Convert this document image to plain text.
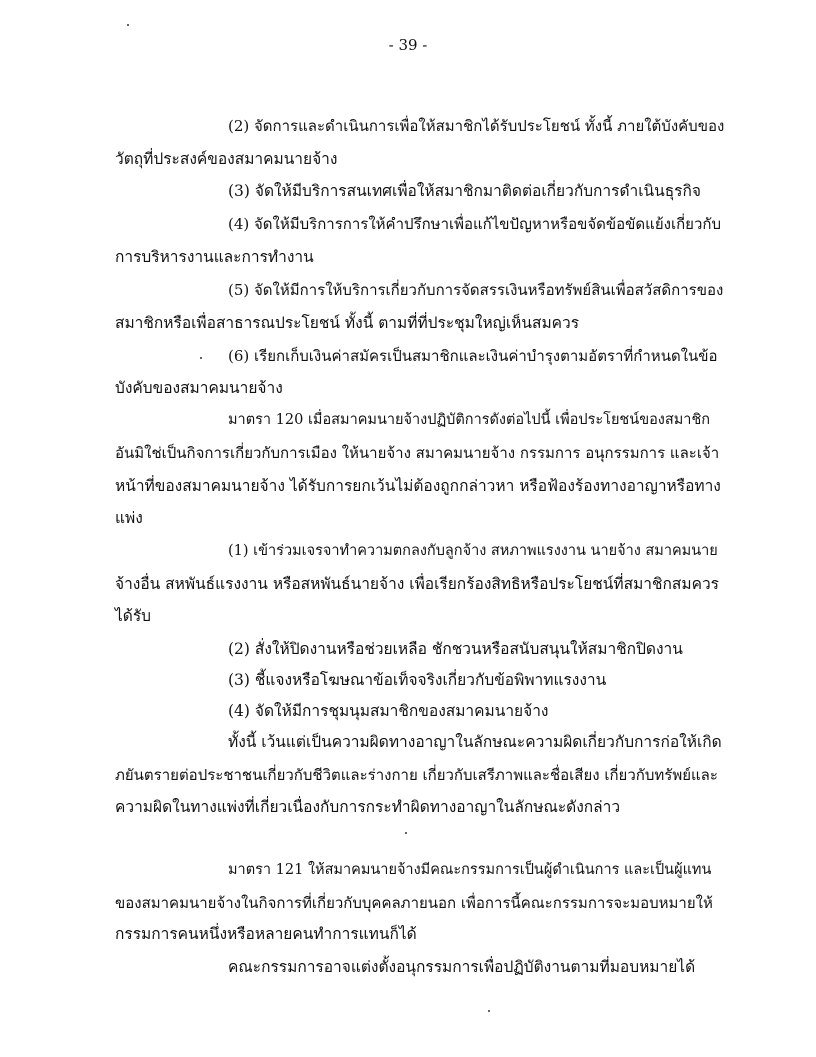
- 39 -
(2) จัดการและดำเนินการเพื่อให้สมาชิกได้รับประโยชน์ ทั้งนี้ ภายใต้บังคับของ
วัตถุที่ประสงค์ของสมาคมนายจ้าง
(3) จัดให้มีบริการสนเทศเพื่อให้สมาชิกมาติดต่อเกี่ยวกับการดำเนินธุรกิจ
(4) จัดให้มีบริการการให้คำปรึกษาเพื่อแก้ไขปัญหาหรือขจัดข้อขัดแย้งเกี่ยวกับ
การบริหารงานและการทำงาน
(5) จัดให้มีการให้บริการเกี่ยวกับการจัดสรรเงินหรือทรัพย์สินเพื่อสวัสดิการของ
สมาชิกหรือเพื่อสาธารณประโยชน์ ทั้งนี้ ตามที่ที่ประชุมใหญ่เห็นสมควร
(6) เรียกเก็บเงินค่าสมัครเป็นสมาชิกและเงินค่าบำรุงตามอัตราที่กำหนดในข้อ
บังคับของสมาคมนายจ้าง
มาตรา 120 เมื่อสมาคมนายจ้างปฏิบัติการดังต่อไปนี้ เพื่อประโยชน์ของสมาชิก
อันมิใช่เป็นกิจการเกี่ยวกับการเมือง ให้นายจ้าง สมาคมนายจ้าง กรรมการ อนุกรรมการ และเจ้า
หน้าที่ของสมาคมนายจ้าง ได้รับการยกเว้นไม่ต้องถูกกล่าวหา หรือฟ้องร้องทางอาญาหรือทาง
แพ่ง
(1) เข้าร่วมเจรจาทำความตกลงกับลูกจ้าง สหภาพแรงงาน นายจ้าง สมาคมนาย
จ้างอื่น สหพันธ์แรงงาน หรือสหพันธ์นายจ้าง เพื่อเรียกร้องสิทธิหรือประโยชน์ที่สมาชิกสมควร
ได้รับ
(2) สั่งให้ปิดงานหรือช่วยเหลือ ชักชวนหรือสนับสนุนให้สมาชิกปิดงาน
(3) ชี้แจงหรือโฆษณาข้อเท็จจริงเกี่ยวกับข้อพิพาทแรงงาน
(4) จัดให้มีการชุมนุมสมาชิกของสมาคมนายจ้าง
ทั้งนี้ เว้นแต่เป็นความผิดทางอาญาในลักษณะความผิดเกี่ยวกับการก่อให้เกิด
ภยันตรายต่อประชาชนเกี่ยวกับชีวิตและร่างกาย เกี่ยวกับเสรีภาพและชื่อเสียง เกี่ยวกับทรัพย์และ
ความผิดในทางแพ่งที่เกี่ยวเนื่องกับการกระทำผิดทางอาญาในลักษณะดังกล่าว
มาตรา 121 ให้สมาคมนายจ้างมีคณะกรรมการเป็นผู้ดำเนินการ และเป็นผู้แทน
ของสมาคมนายจ้างในกิจการที่เกี่ยวกับบุคคลภายนอก เพื่อการนี้คณะกรรมการจะมอบหมายให้
กรรมการคนหนึ่งหรือหลายคนทำการแทนก็ได้
คณะกรรมการอาจแต่งตั้งอนุกรรมการเพื่อปฏิบัติงานตามที่มอบหมายได้
